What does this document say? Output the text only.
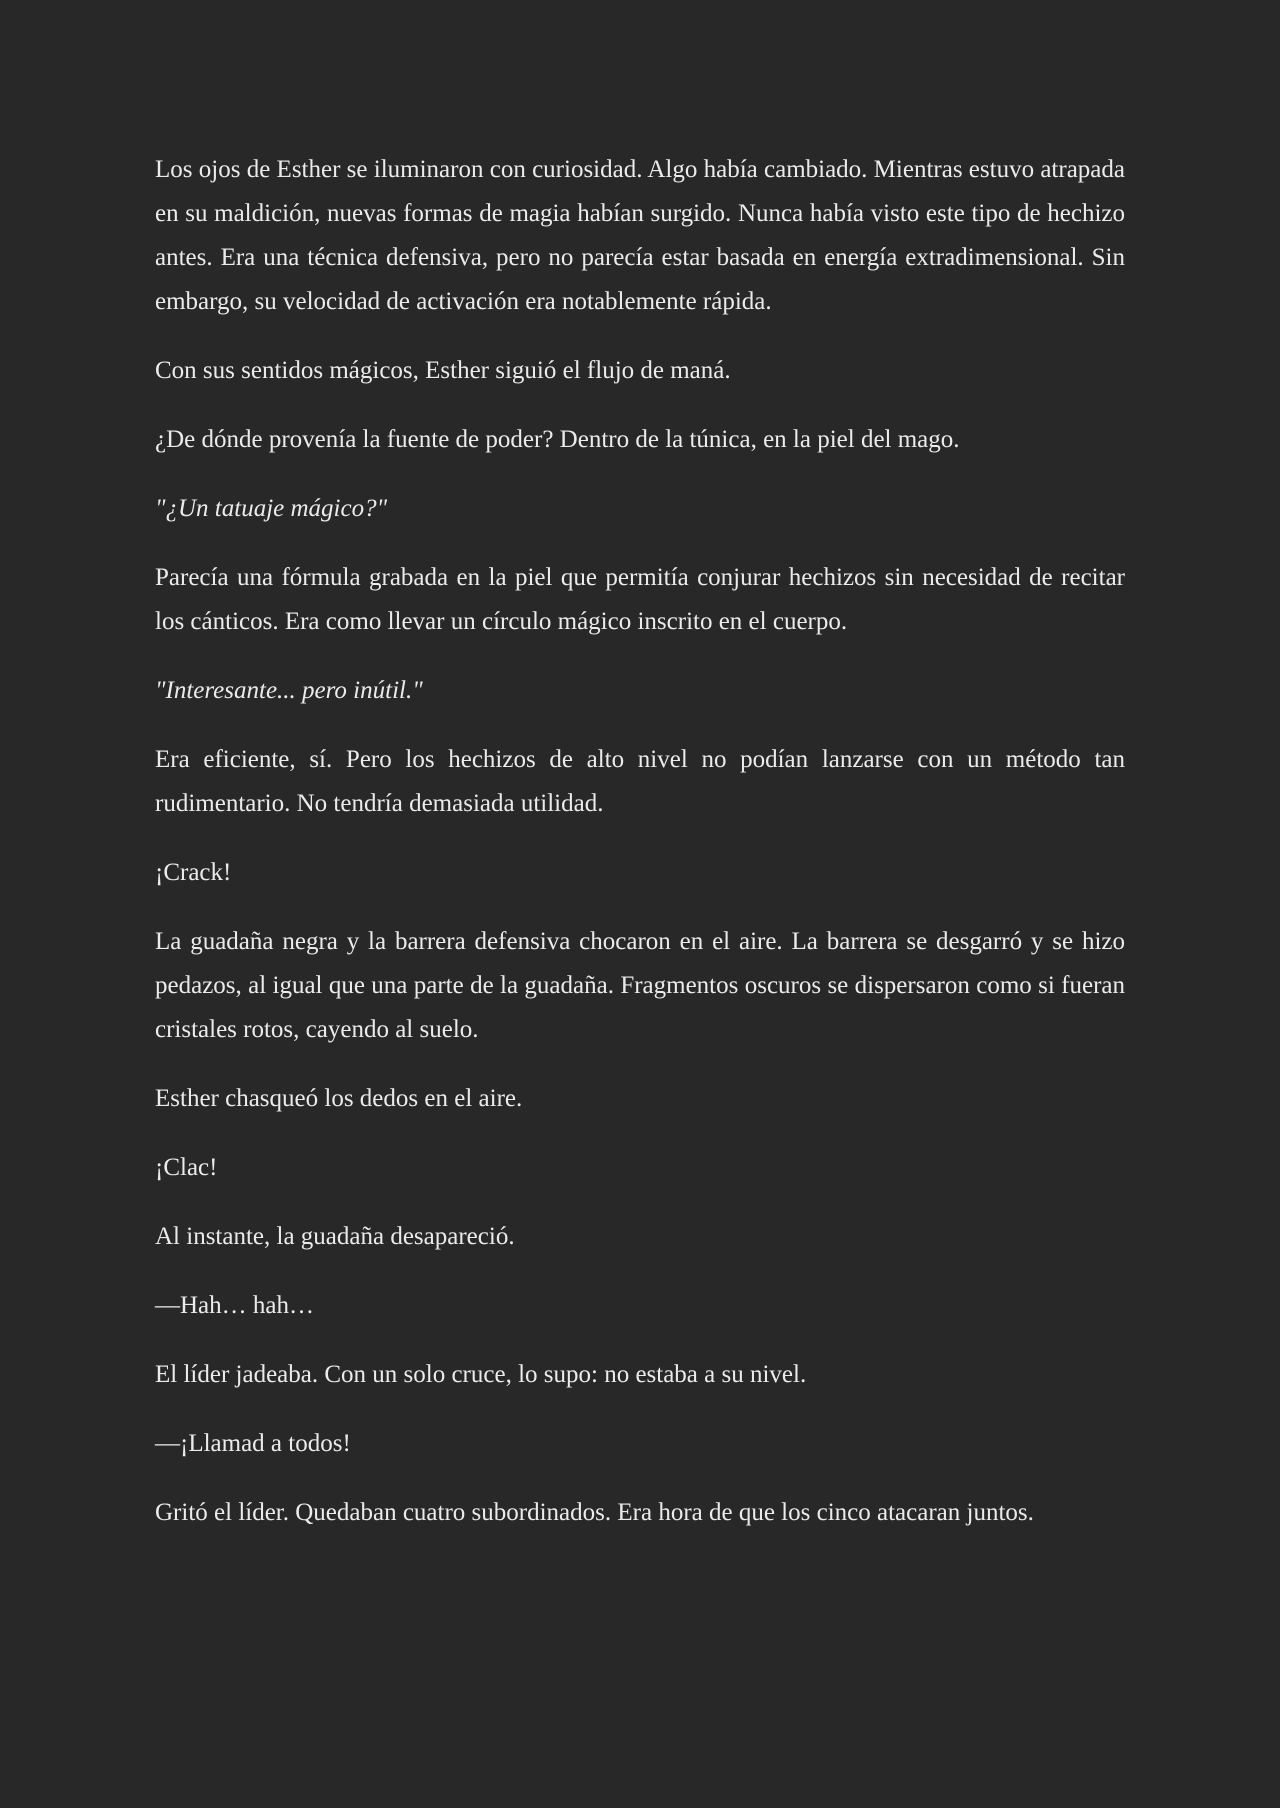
Los ojos de Esther se iluminaron con curiosidad. Algo había cambiado. Mientras estuvo atrapada en su maldición, nuevas formas de magia habían surgido. Nunca había visto este tipo de hechizo antes. Era una técnica defensiva, pero no parecía estar basada en energía extradimensional. Sin embargo, su velocidad de activación era notablemente rápida.

Con sus sentidos mágicos, Esther siguió el flujo de maná.

¿De dónde provenía la fuente de poder? Dentro de la túnica, en la piel del mago.

"¿Un tatuaje mágico?"

Parecía una fórmula grabada en la piel que permitía conjurar hechizos sin necesidad de recitar los cánticos. Era como llevar un círculo mágico inscrito en el cuerpo.

"Interesante... pero inútil."

Era eficiente, sí. Pero los hechizos de alto nivel no podían lanzarse con un método tan rudimentario. No tendría demasiada utilidad.

¡Crack!

La guadaña negra y la barrera defensiva chocaron en el aire. La barrera se desgarró y se hizo pedazos, al igual que una parte de la guadaña. Fragmentos oscuros se dispersaron como si fueran cristales rotos, cayendo al suelo.

Esther chasqueó los dedos en el aire.

¡Clac!

Al instante, la guadaña desapareció.

—Hah… hah…

El líder jadeaba. Con un solo cruce, lo supo: no estaba a su nivel.

—¡Llamad a todos!

Gritó el líder. Quedaban cuatro subordinados. Era hora de que los cinco atacaran juntos.
